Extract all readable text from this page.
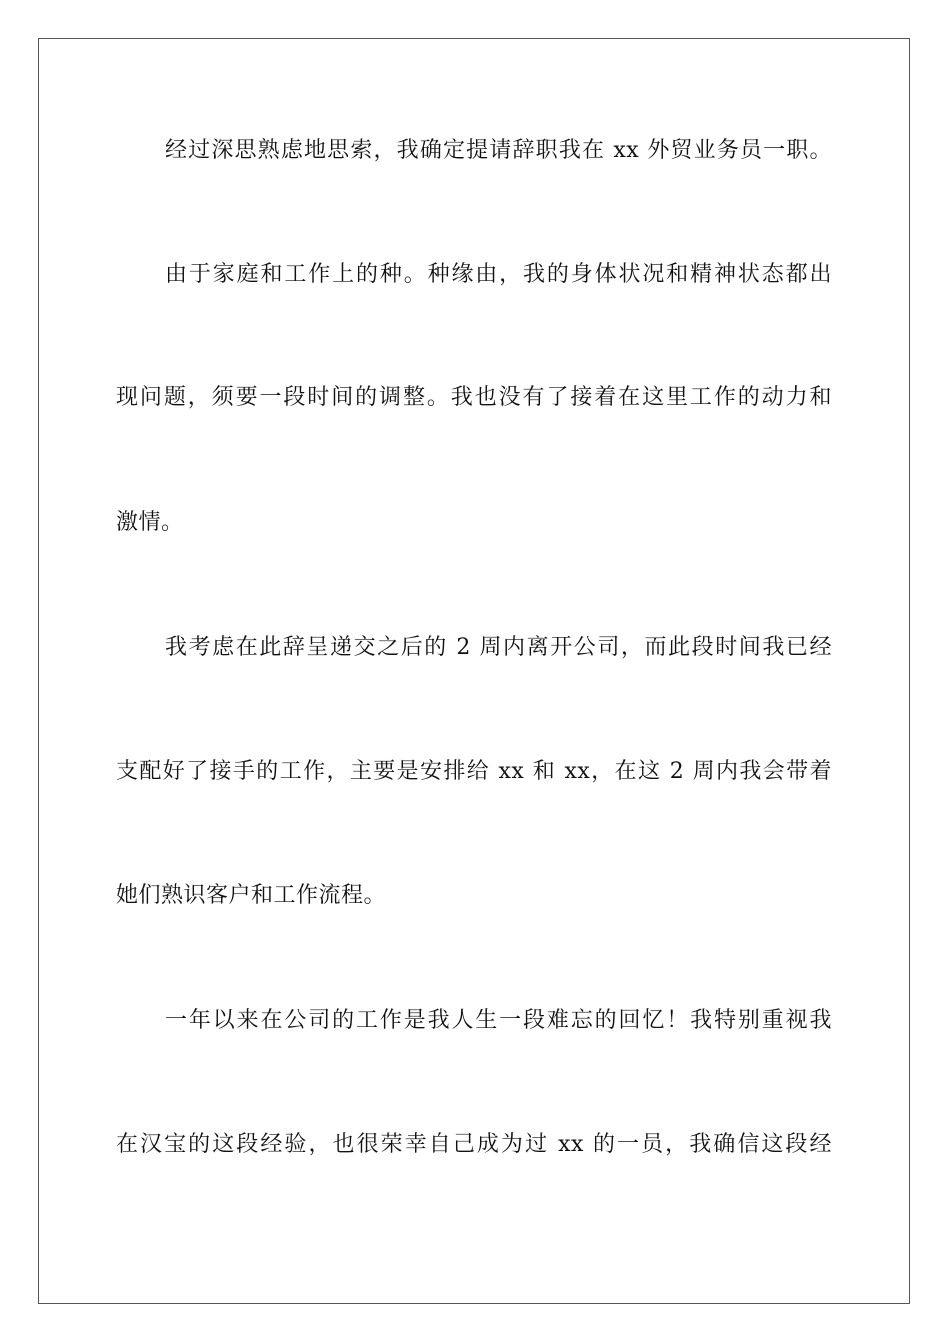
经过深思熟虑地思索，我确定提请辞职我在 xx 外贸业务员一职。
由于家庭和工作上的种。种缘由，我的身体状况和精神状态都出
现问题，须要一段时间的调整。我也没有了接着在这里工作的动力和
激情。
我考虑在此辞呈递交之后的 2 周内离开公司，而此段时间我已经
支配好了接手的工作，主要是安排给 xx 和 xx，在这 2 周内我会带着
她们熟识客户和工作流程。
一年以来在公司的工作是我人生一段难忘的回忆！我特别重视我
在汉宝的这段经验，也很荣幸自己成为过 xx 的一员，我确信这段经
